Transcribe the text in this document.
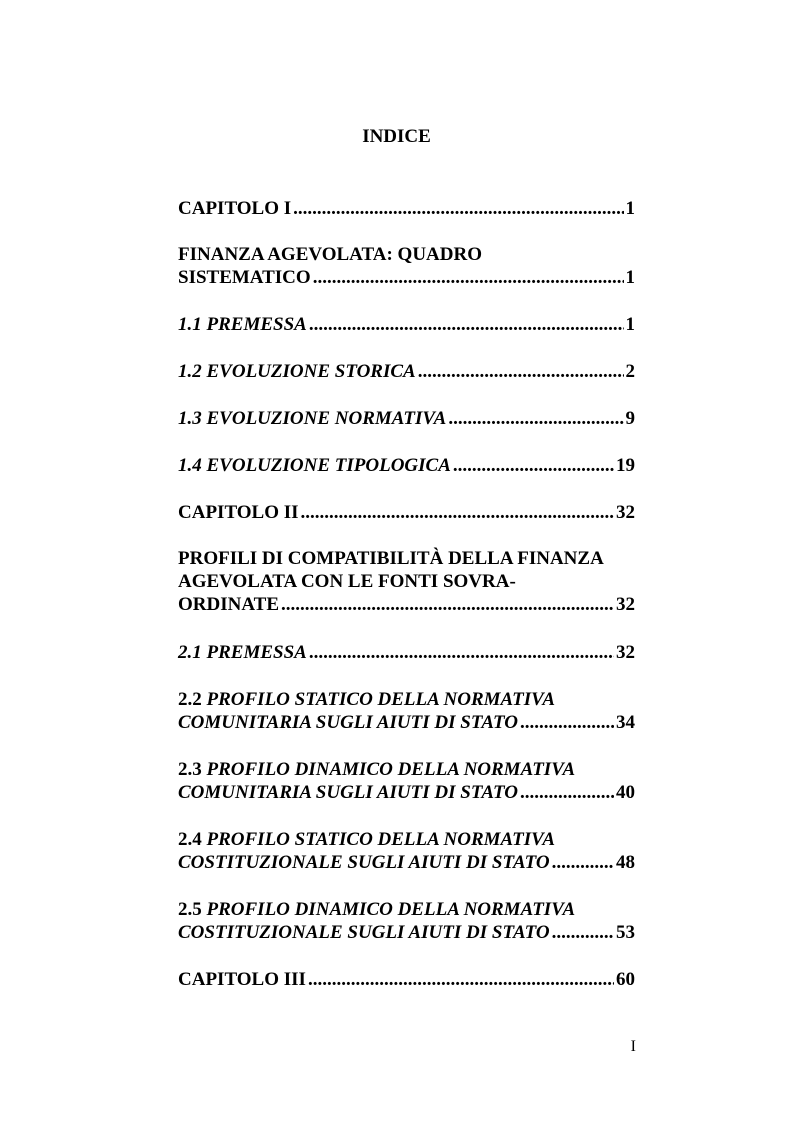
INDICE
CAPITOLO I .....	1
FINANZA AGEVOLATA: QUADRO
SISTEMATICO .....	1
1.1 PREMESSA .....	1
1.2 EVOLUZIONE STORICA .....	2
1.3 EVOLUZIONE NORMATIVA .....	9
1.4 EVOLUZIONE TIPOLOGICA .....	19
CAPITOLO II .....	32
PROFILI DI COMPATIBILITÀ DELLA FINANZA AGEVOLATA CON LE FONTI SOVRA-
ORDINATE .....	32
2.1 PREMESSA .....	32
2.2 PROFILO STATICO DELLA NORMATIVA
COMUNITARIA SUGLI AIUTI DI STATO .....	34
2.3 PROFILO DINAMICO DELLA NORMATIVA
COMUNITARIA SUGLI AIUTI DI STATO .....	40
2.4 PROFILO STATICO DELLA NORMATIVA
COSTITUZIONALE SUGLI AIUTI DI STATO .....	48
2.5 PROFILO DINAMICO DELLA NORMATIVA
COSTITUZIONALE SUGLI AIUTI DI STATO .....	53
CAPITOLO III .....	60
I
